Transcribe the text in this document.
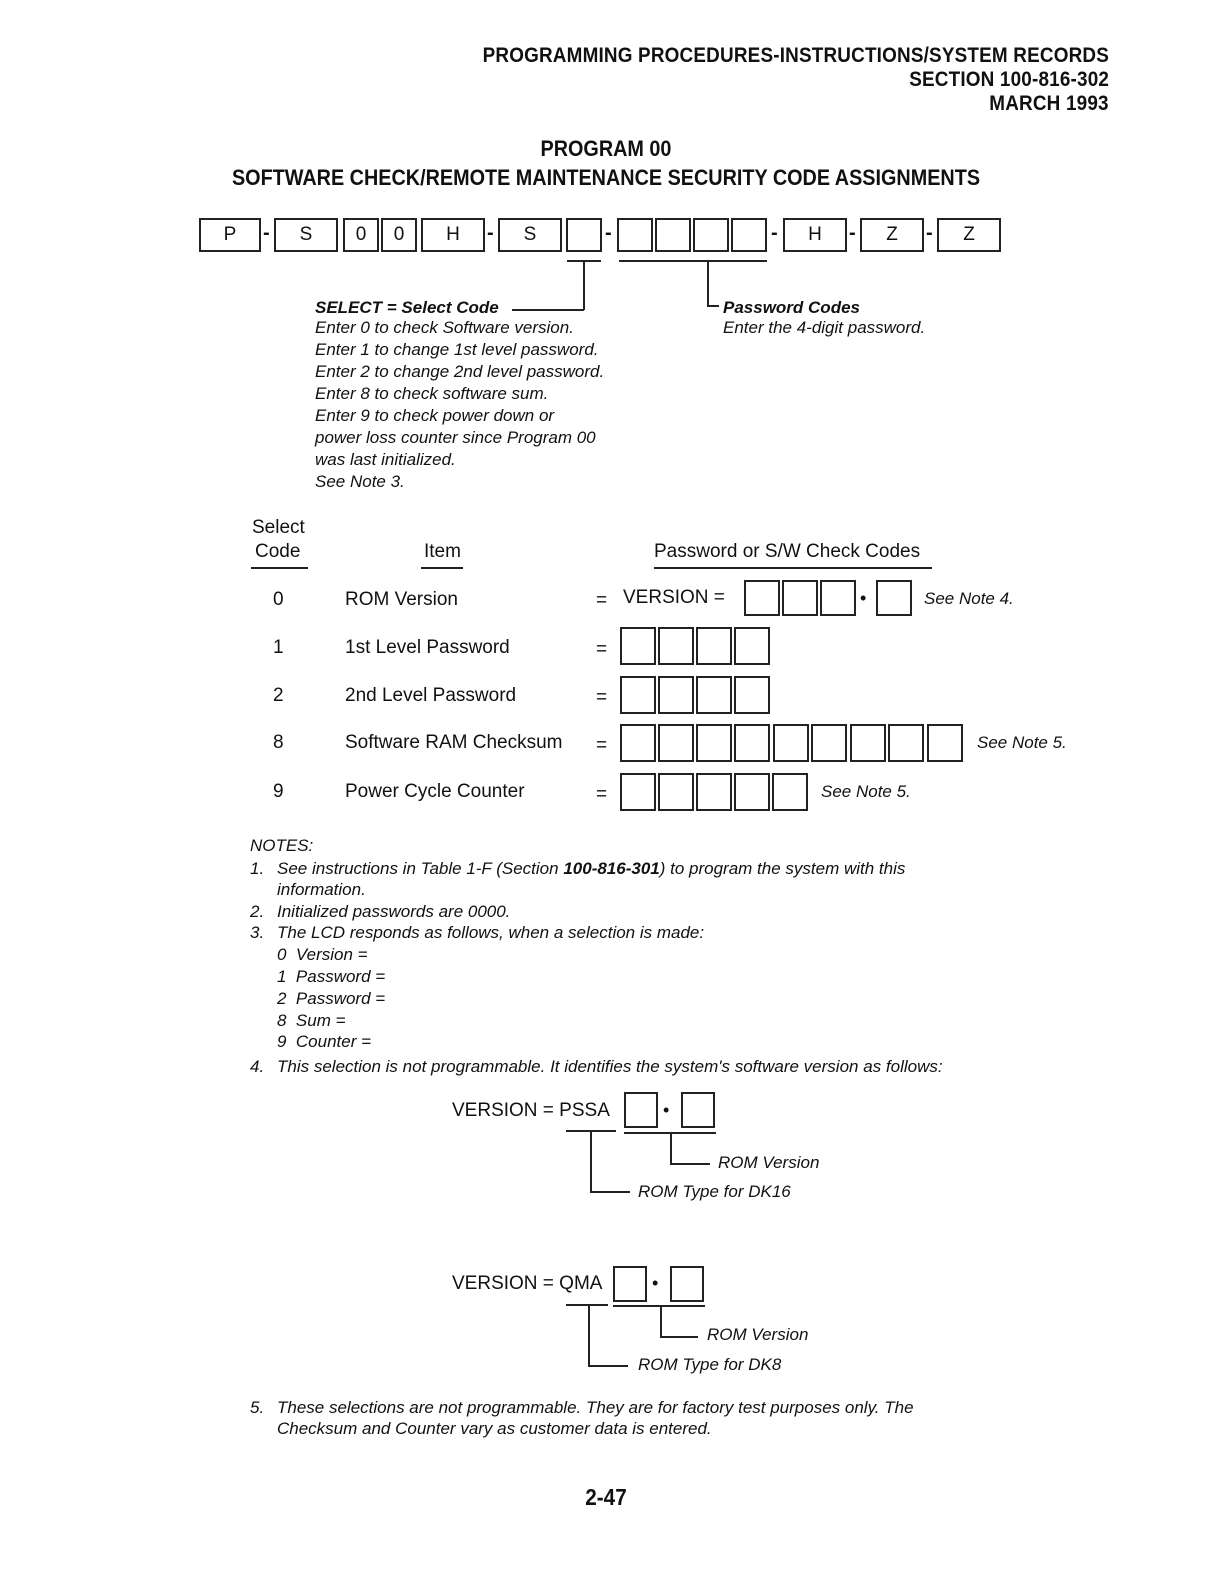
PROGRAMMING PROCEDURES-INSTRUCTIONS/SYSTEM RECORDS
SECTION 100-816-302
MARCH 1993
PROGRAM 00
SOFTWARE CHECK/REMOTE MAINTENANCE SECURITY CODE ASSIGNMENTS
P	-	S	0	0	H	-	S	-	-	H	-	Z	-	Z
SELECT = Select Code
Enter 0 to check Software version.
Enter 1 to change 1st level password.
Enter 2 to change 2nd level password.
Enter 8 to check software sum.
Enter 9 to check power down or
power loss counter since Program 00
was last initialized.
See Note 3.
Password Codes
Enter the 4-digit password.
Select
Code	Item	Password or S/W Check Codes
0	ROM Version	= VERSION =	•	See Note 4.
1	1st Level Password	=
2	2nd Level Password	=
8	Software RAM Checksum =	See Note 5.
9	Power Cycle Counter	=	See Note 5.
NOTES:
1. See instructions in Table 1-F (Section 100-816-301 ) to program the system with this
information.
2. Initialized passwords are 0000.
3. The LCD responds as follows, when a selection is made:
0  Version =
1  Password =
2  Password =
8  Sum =
9  Counter =
4. This selection is not programmable. It identifies the system's software version as follows:
VERSION = PSSA	•
ROM Version
ROM Type for DK16
VERSION = QMA	•
ROM Version
ROM Type for DK8
5. These selections are not programmable. They are for factory test purposes only. The
Checksum and Counter vary as customer data is entered.
2-47
